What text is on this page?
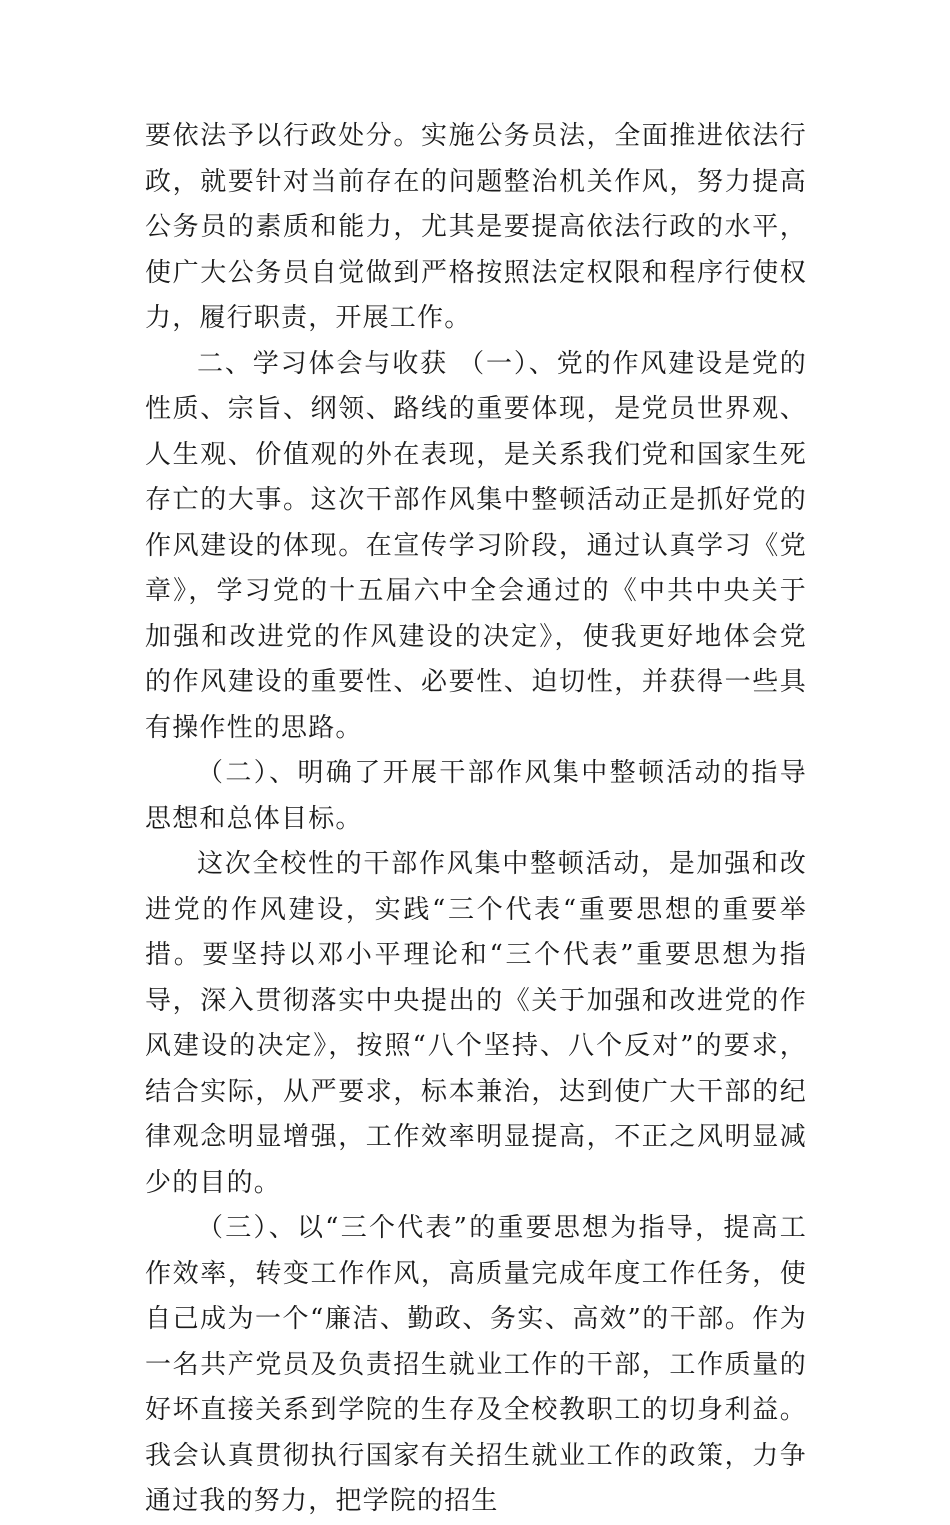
要依法予以行政处分。实施公务员法，全面推进依法行政，就要针对当前存在的问题整治机关作风，努力提高公务员的素质和能力，尤其是要提高依法行政的水平，使广大公务员自觉做到严格按照法定权限和程序行使权力，履行职责，开展工作。

二、学习体会与收获 （一）、党的作风建设是党的性质、宗旨、纲领、路线的重要体现，是党员世界观、人生观、价值观的外在表现，是关系我们党和国家生死存亡的大事。这次干部作风集中整顿活动正是抓好党的作风建设的体现。在宣传学习阶段，通过认真学习《党章》，学习党的十五届六中全会通过的《中共中央关于加强和改进党的作风建设的决定》，使我更好地体会党的作风建设的重要性、必要性、迫切性，并获得一些具有操作性的思路。

（二）、明确了开展干部作风集中整顿活动的指导思想和总体目标。

这次全校性的干部作风集中整顿活动，是加强和改进党的作风建设，实践“三个代表“重要思想的重要举措。要坚持以邓小平理论和“三个代表”重要思想为指导，深入贯彻落实中央提出的《关于加强和改进党的作风建设的决定》，按照“八个坚持、八个反对”的要求，结合实际，从严要求，标本兼治，达到使广大干部的纪律观念明显增强，工作效率明显提高，不正之风明显减少的目的。

（三）、以“三个代表”的重要思想为指导，提高工作效率，转变工作作风，高质量完成年度工作任务，使自己成为一个“廉洁、勤政、务实、高效”的干部。作为一名共产党员及负责招生就业工作的干部，工作质量的好坏直接关系到学院的生存及全校教职工的切身利益。我会认真贯彻执行国家有关招生就业工作的政策，力争通过我的努力，把学院的招生
